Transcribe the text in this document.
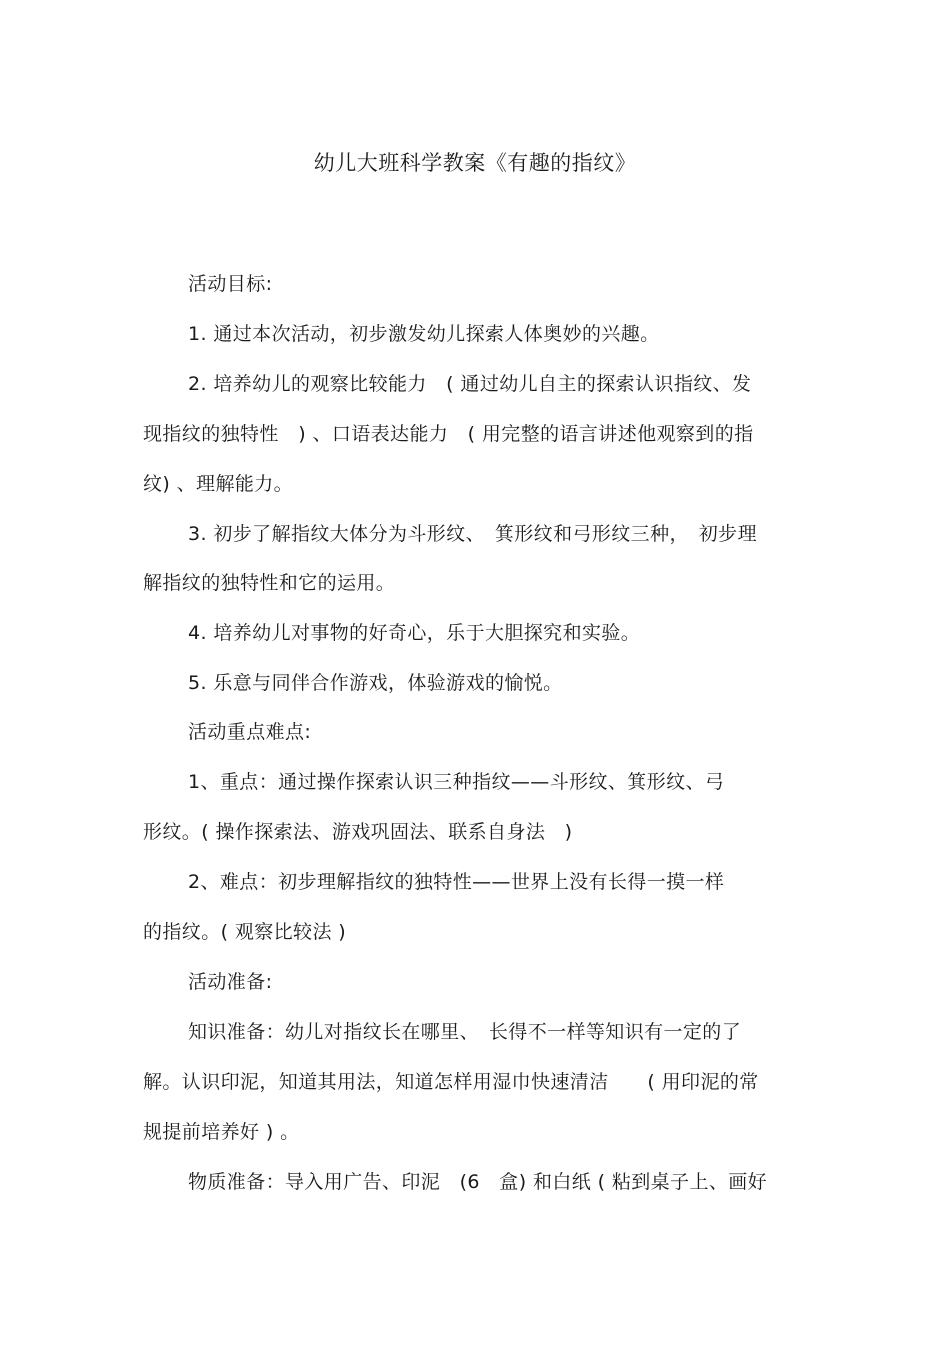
幼儿大班科学教案《有趣的指纹》
活动目标:
1. 通过本次活动，初步激发幼儿探索人体奥妙的兴趣。
2. 培养幼儿的观察比较能力　( 通过幼儿自主的探索认识指纹、发
现指纹的独特性　) 、口语表达能力　( 用完整的语言讲述他观察到的指
纹) 、理解能力。
3. 初步了解指纹大体分为斗形纹、　箕形纹和弓形纹三种，　初步理
解指纹的独特性和它的运用。
4. 培养幼儿对事物的好奇心，乐于大胆探究和实验。
5. 乐意与同伴合作游戏，体验游戏的愉悦。
活动重点难点:
1、重点：通过操作探索认识三种指纹——斗形纹、箕形纹、弓
形纹。( 操作探索法、游戏巩固法、联系自身法　)
2、难点：初步理解指纹的独特性——世界上没有长得一摸一样
的指纹。( 观察比较法 )
活动准备:
知识准备：幼儿对指纹长在哪里、　长得不一样等知识有一定的了
解。认识印泥，知道其用法，知道怎样用湿巾快速清洁　　( 用印泥的常
规提前培养好 ) 。
物质准备：导入用广告、印泥　(6　盒) 和白纸 ( 粘到桌子上、画好
